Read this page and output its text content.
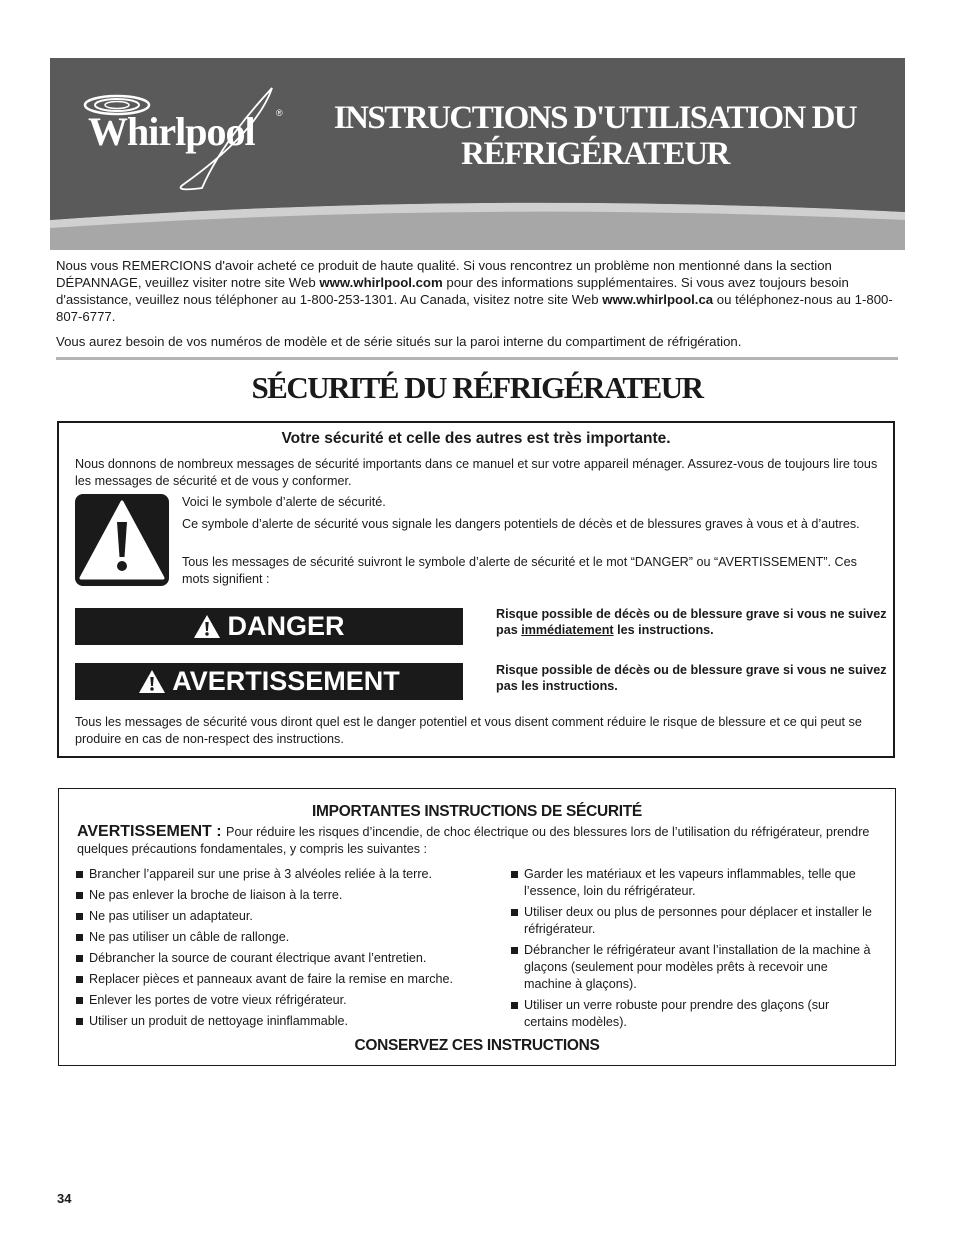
Whirlpool ® INSTRUCTIONS D'UTILISATION DU
RÉFRIGÉRATEUR

Nous vous REMERCIONS d'avoir acheté ce produit de haute qualité. Si vous rencontrez un problème non mentionné dans la section DÉPANNAGE, veuillez visiter notre site Web www.whirlpool.com pour des informations supplémentaires. Si vous avez toujours besoin d'assistance, veuillez nous téléphoner au 1-800-253-1301. Au Canada, visitez notre site Web www.whirlpool.ca ou téléphonez-nous au 1-800-807-6777.

Vous aurez besoin de vos numéros de modèle et de série situés sur la paroi interne du compartiment de réfrigération.

SÉCURITÉ DU RÉFRIGÉRATEUR
Votre sécurité et celle des autres est très importante.
Nous donnons de nombreux messages de sécurité importants dans ce manuel et sur votre appareil ménager. Assurez-vous de toujours lire tous les messages de sécurité et de vous y conformer.
Voici le symbole d’alerte de sécurité.
Ce symbole d’alerte de sécurité vous signale les dangers potentiels de décès et de blessures graves à vous et à d’autres.
Tous les messages de sécurité suivront le symbole d’alerte de sécurité et le mot “DANGER” ou “AVERTISSEMENT”. Ces mots signifient :
DANGER	Risque possible de décès ou de blessure grave si vous ne suivez pas immédiatement les instructions.
AVERTISSEMENT	Risque possible de décès ou de blessure grave si vous ne suivez pas les instructions.
Tous les messages de sécurité vous diront quel est le danger potentiel et vous disent comment réduire le risque de blessure et ce qui peut se produire en cas de non-respect des instructions.
IMPORTANTES INSTRUCTIONS DE SÉCURITÉ
AVERTISSEMENT : Pour réduire les risques d’incendie, de choc électrique ou des blessures lors de l’utilisation du réfrigérateur, prendre quelques précautions fondamentales, y compris les suivantes :
Brancher l’appareil sur une prise à 3 alvéoles reliée à la terre.
Ne pas enlever la broche de liaison à la terre.
Ne pas utiliser un adaptateur.
Ne pas utiliser un câble de rallonge.
Débrancher la source de courant électrique avant l’entretien.
Replacer pièces et panneaux avant de faire la remise en marche.
Enlever les portes de votre vieux réfrigérateur.
Utiliser un produit de nettoyage ininflammable.
Garder les matériaux et les vapeurs inflammables, telle que l’essence, loin du réfrigérateur.
Utiliser deux ou plus de personnes pour déplacer et installer le réfrigérateur.
Débrancher le réfrigérateur avant l’installation de la machine à glaçons (seulement pour modèles prêts à recevoir une machine à glaçons).
Utiliser un verre robuste pour prendre des glaçons (sur certains modèles).
CONSERVEZ CES INSTRUCTIONS
34
